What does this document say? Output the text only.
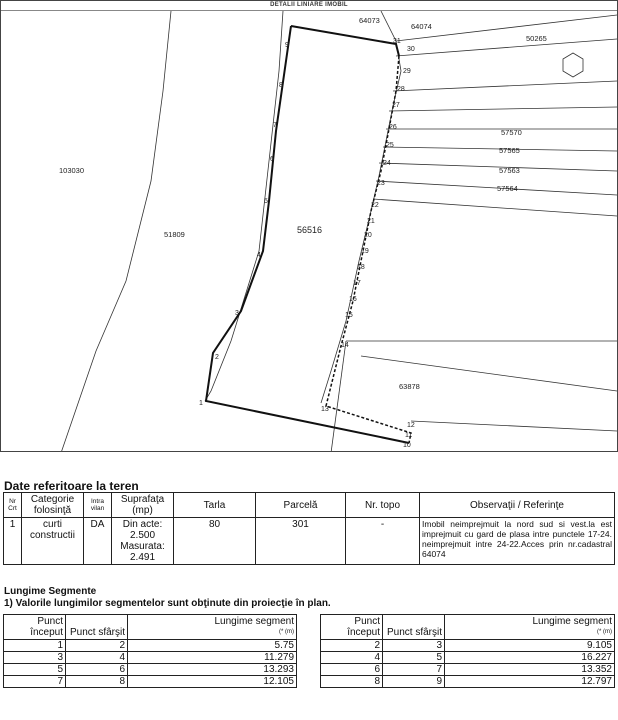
DETALII LINIARE IMOBIL
1
2
3
4
5
6
7
8
9
10
11
12
13
14
15
16
17
18
19
20
21
22
23
24
25
26
27
28
29
30
31
56516
103030
51809
64073
64074
50265
57570
57565
57563
57564
63878
Date referitoare la teren
Nr Crt	Categorie folosinţă	Intra vilan	Suprafaţa (mp)	Tarla	Parcelă	Nr. topo	Observaţii / Referinţe
1	curti constructii	DA	Din acte:
2.500
Masurata:
2.491	80	301	-	Imobil neimprejmuit la nord sud si vest.la est imprejmuit cu gard de plasa intre punctele 17-24. neimprejmuit intre 24-22.Acces prin nr.cadastral 64074
Lungime Segmente
1) Valorile lungimilor segmentelor sunt obţinute din proiecţie în plan.
Punct început	Punct sfârşit	Lungime segment
(* (m)

1	2	5.75
3	4	11.279
5	6	13.293
7	8	12.105
Punct început	Punct sfârşit	Lungime segment
(* (m)

2	3	9.105
4	5	16.227
6	7	13.352
8	9	12.797
